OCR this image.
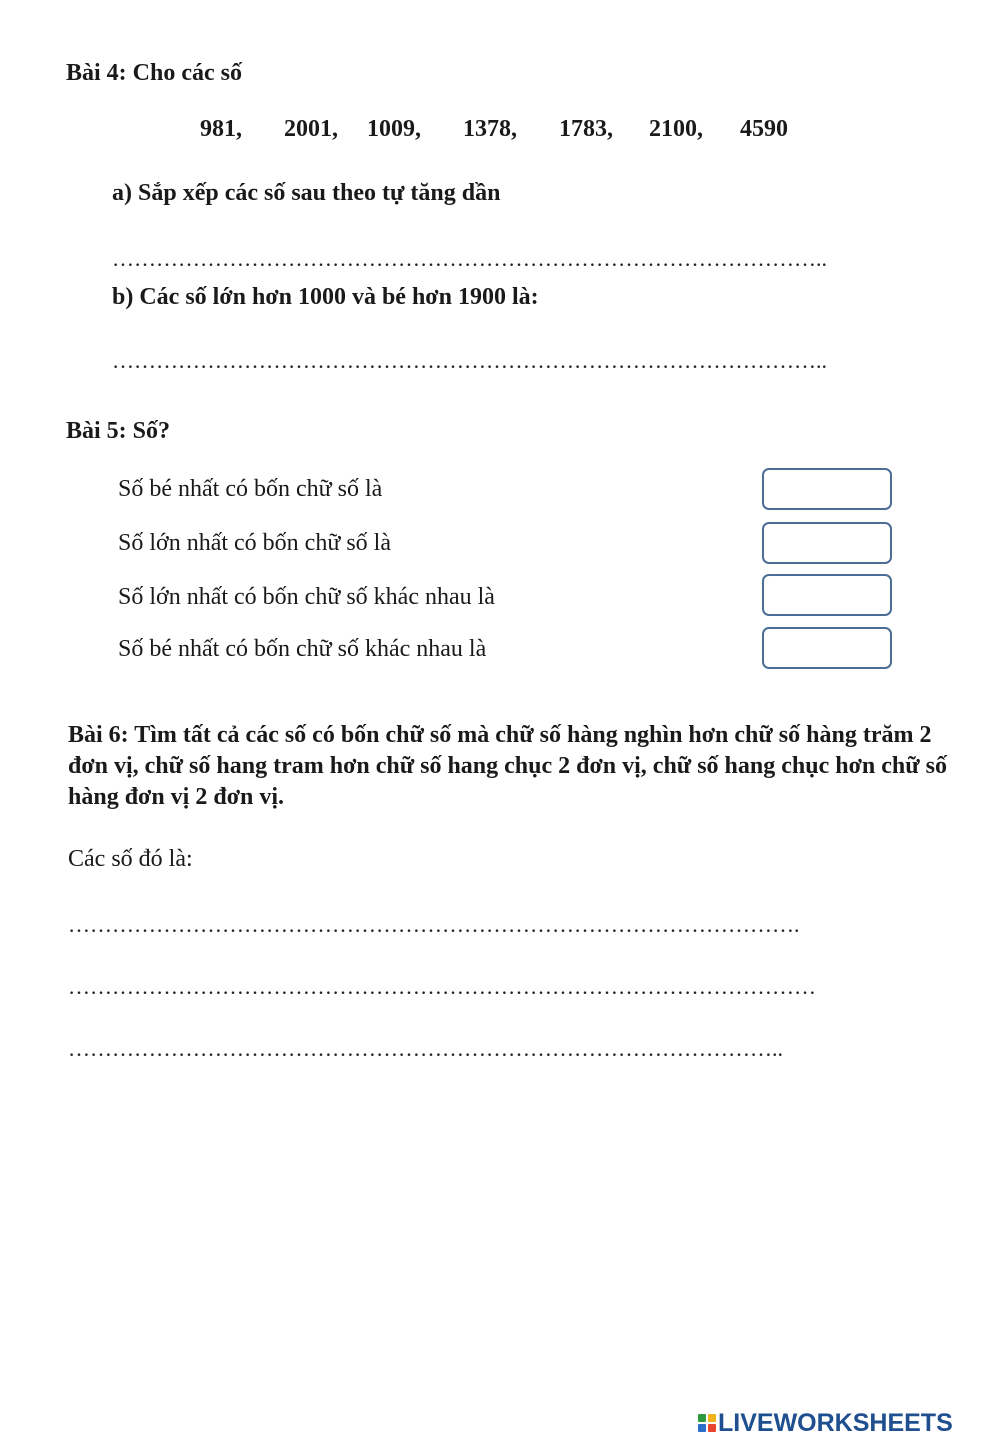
Bài 4: Cho các số
981, 2001, 1009, 1378, 1783, 2100, 4590
a) Sắp xếp các số sau theo tự tăng dần
……………………………………………………………………………………..
b) Các số lớn hơn 1000 và bé hơn 1900 là:
……………………………………………………………………………………..
Bài 5: Số?
Số bé nhất có bốn chữ số là
Số lớn nhất có bốn chữ số là
Số lớn nhất có bốn chữ số khác nhau là
Số bé nhất có bốn chữ số khác nhau là
Bài 6: Tìm tất cả các số có bốn chữ số mà chữ số hàng nghìn hơn chữ số hàng trăm 2 đơn vị, chữ số hang tram hơn chữ số hang chục 2 đơn vị, chữ số hang chục hơn chữ số hàng đơn vị 2 đơn vị.
Các số đó là:
……………………………………………………………………………………….
…………………………………………………………………………………………
……………………………………………………………………………………..
LIVEWORKSHEETS
